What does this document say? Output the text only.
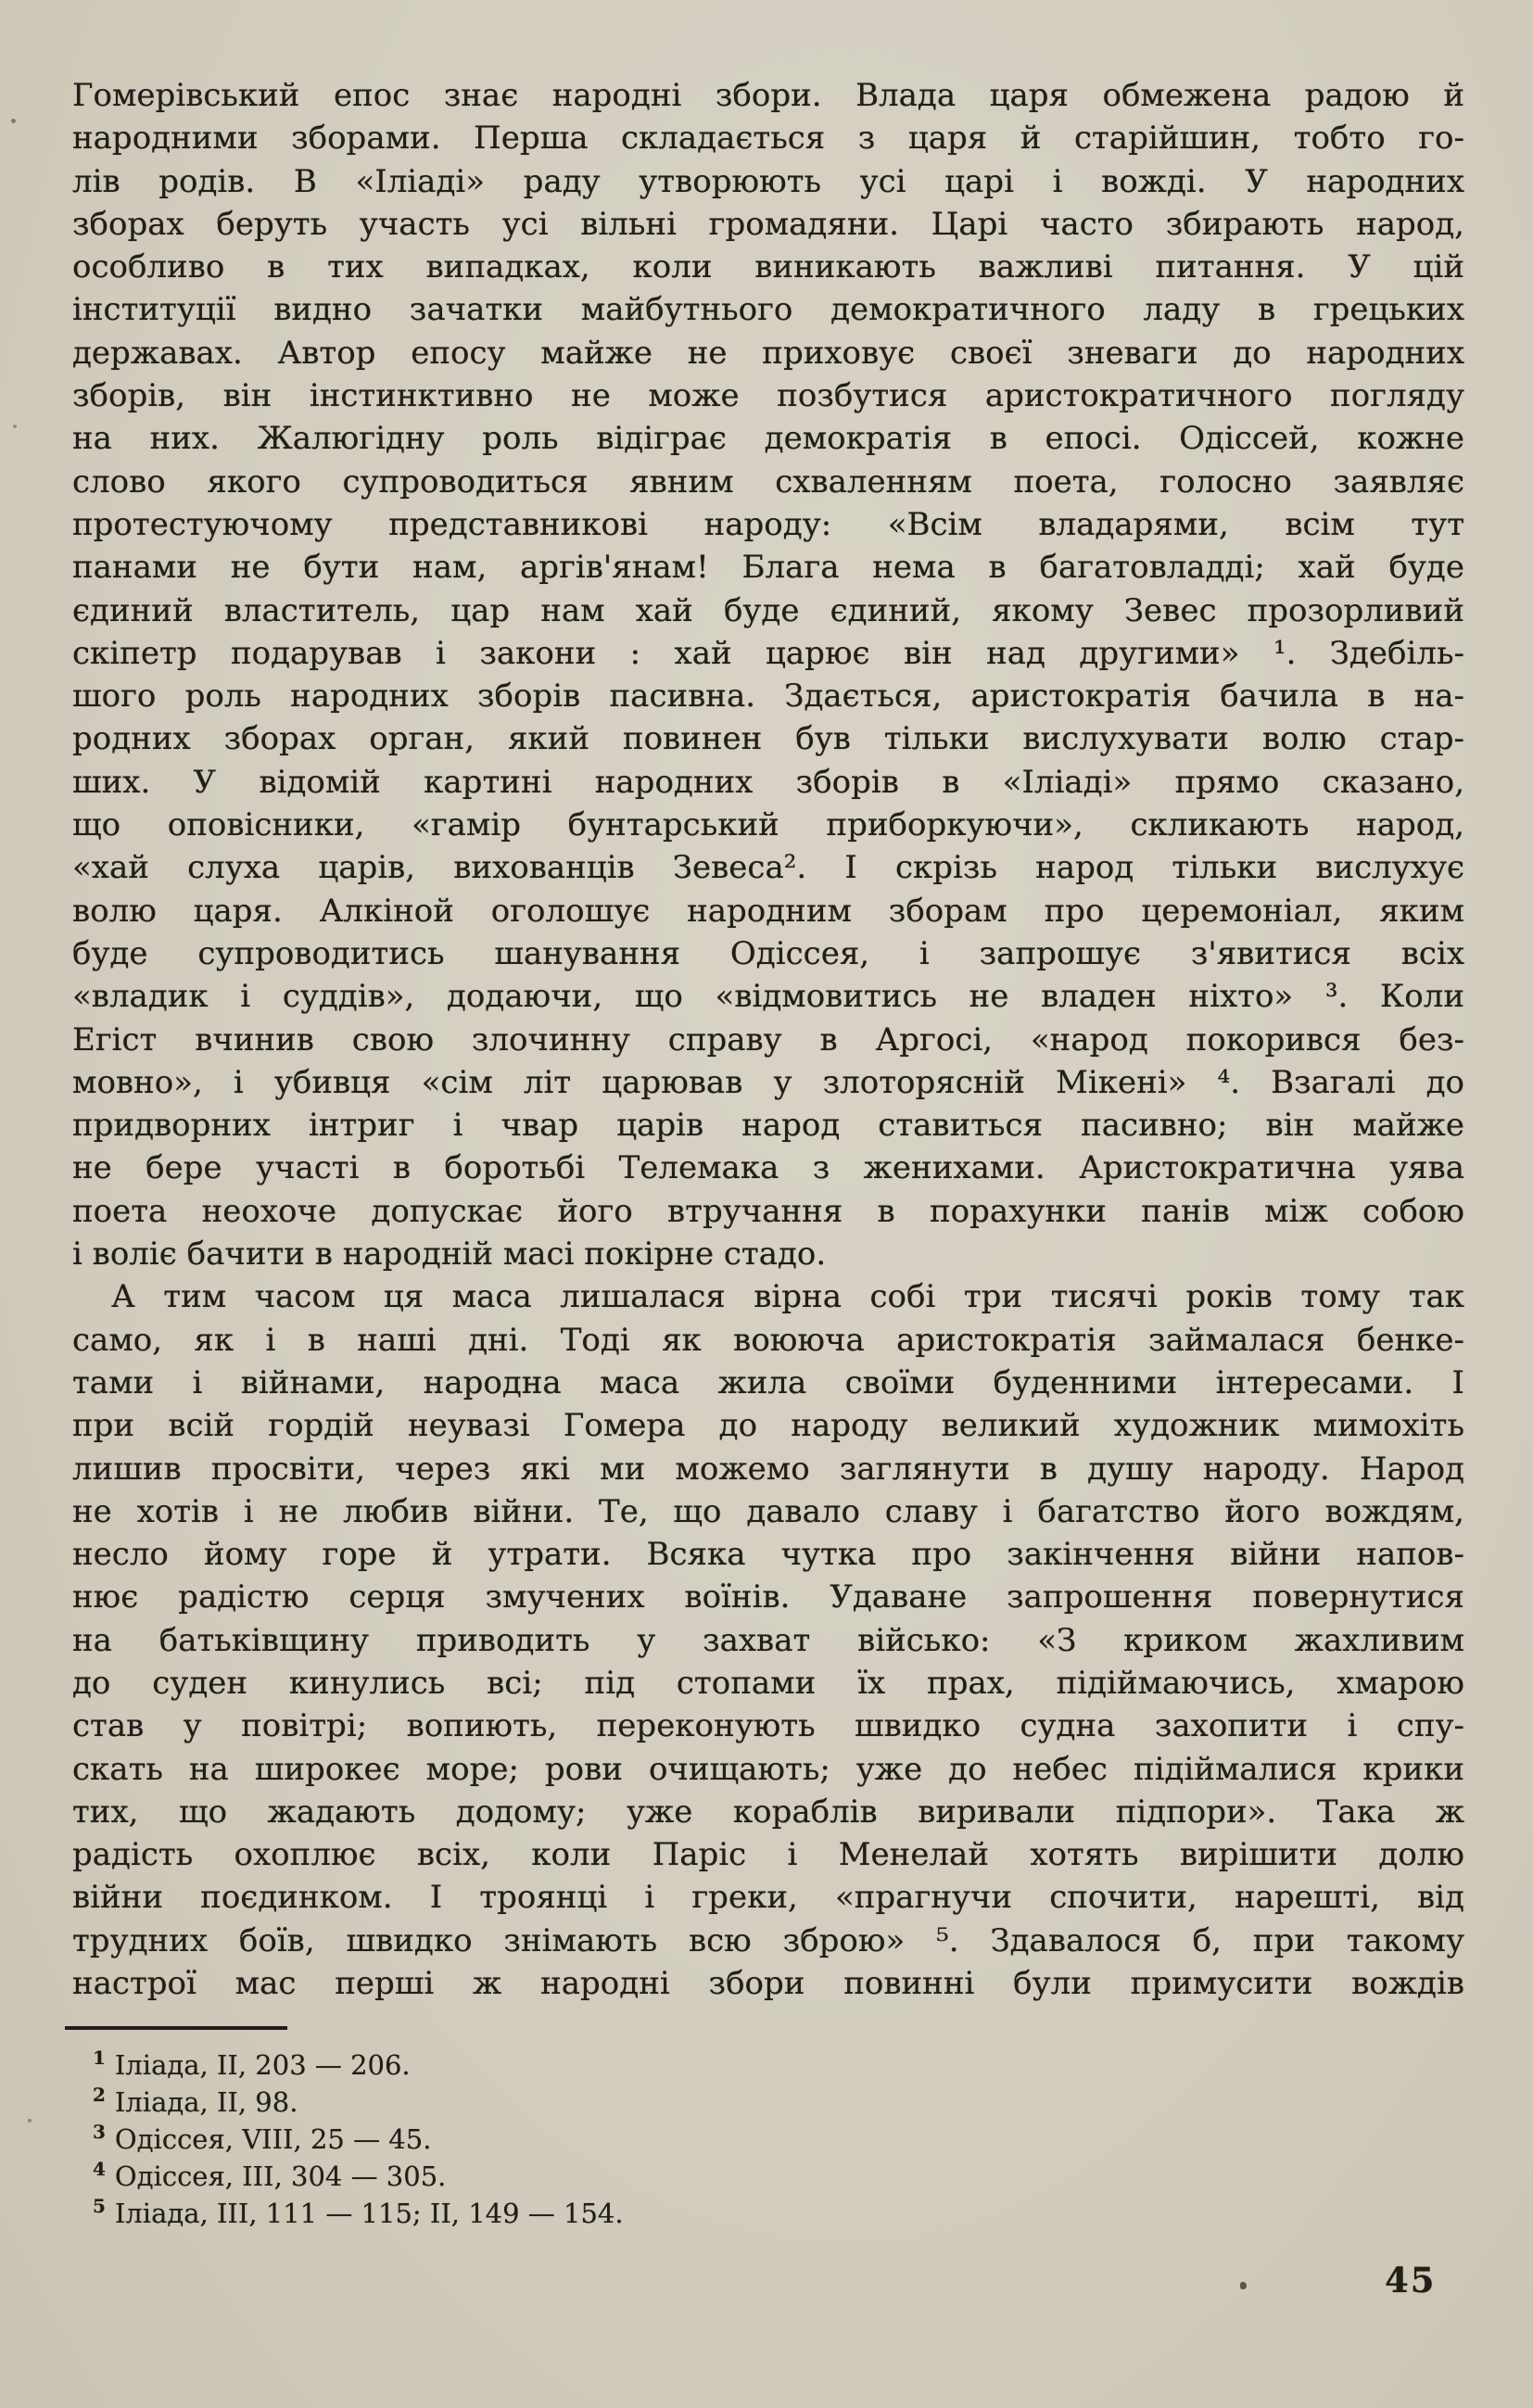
Гомерівський епос знає народні збори. Влада царя обмежена радою й
народними зборами. Перша складається з царя й старійшин, тобто го-
лів родів. В «Іліаді» раду утворюють усі царі і вожді. У народних
зборах беруть участь усі вільні громадяни. Царі часто збирають народ,
особливо в тих випадках, коли виникають важливі питання. У цій
інституції видно зачатки майбутнього демократичного ладу в грецьких
державах. Автор епосу майже не приховує своєї зневаги до народних
зборів, він інстинктивно не може позбутися аристократичного погляду
на них. Жалюгідну роль відіграє демократія в епосі. Одіссей, кожне
слово якого супроводиться явним схваленням поета, голосно заявляє
протестуючому представникові народу: «Всім владарями, всім тут
панами не бути нам, аргів'янам! Блага нема в багатовладді; хай буде
єдиний властитель, цар нам хай буде єдиний, якому Зевес прозорливий
скіпетр подарував і закони : хай царює він над другими» ¹. Здебіль-
шого роль народних зборів пасивна. Здається, аристократія бачила в на-
родних зборах орган, який повинен був тільки вислухувати волю стар-
ших. У відомій картині народних зборів в «Іліаді» прямо сказано,
що оповісники, «гамір бунтарський приборкуючи», скликають народ,
«хай слуха царів, вихованців Зевеса². І скрізь народ тільки вислухує
волю царя. Алкіной оголошує народним зборам про церемоніал, яким
буде супроводитись шанування Одіссея, і запрошує з'явитися всіх
«владик і суддів», додаючи, що «відмовитись не владен ніхто» ³. Коли
Егіст вчинив свою злочинну справу в Аргосі, «народ покорився без-
мовно», і убивця «сім літ царював у злоторясній Мікені» ⁴. Взагалі до
придворних інтриг і чвар царів народ ставиться пасивно; він майже
не бере участі в боротьбі Телемака з женихами. Аристократична уява
поета неохоче допускає його втручання в порахунки панів між собою
і воліє бачити в народній масі покірне стадо.
А тим часом ця маса лишалася вірна собі три тисячі років тому так
само, як і в наші дні. Тоді як воююча аристократія займалася бенке-
тами і війнами, народна маса жила своїми буденними інтересами. І
при всій гордій неувазі Гомера до народу великий художник мимохіть
лишив просвіти, через які ми можемо заглянути в душу народу. Народ
не хотів і не любив війни. Те, що давало славу і багатство його вождям,
несло йому горе й утрати. Всяка чутка про закінчення війни напов-
нює радістю серця змучених воїнів. Удаване запрошення повернутися
на батьківщину приводить у захват військо: «З криком жахливим
до суден кинулись всі; під стопами їх прах, підіймаючись, хмарою
став у повітрі; вопиють, переконують швидко судна захопити і спу-
скать на широкеє море; рови очищають; уже до небес підіймалися крики
тих, що жадають додому; уже кораблів виривали підпори». Така ж
радість охоплює всіх, коли Паріс і Менелай хотять вирішити долю
війни поєдинком. І троянці і греки, «прагнучи спочити, нарешті, від
трудних боїв, швидко знімають всю зброю» ⁵. Здавалося б, при такому
настрої мас перші ж народні збори повинні були примусити вождів
$^1$ Іліада, II, 203 — 206.
$^2$ Іліада, II, 98.
$^3$ Одіссея, VIII, 25 — 45.
$^4$ Одіссея, III, 304 — 305.
$^5$ Іліада, III, 111 — 115; II, 149 — 154.
45
